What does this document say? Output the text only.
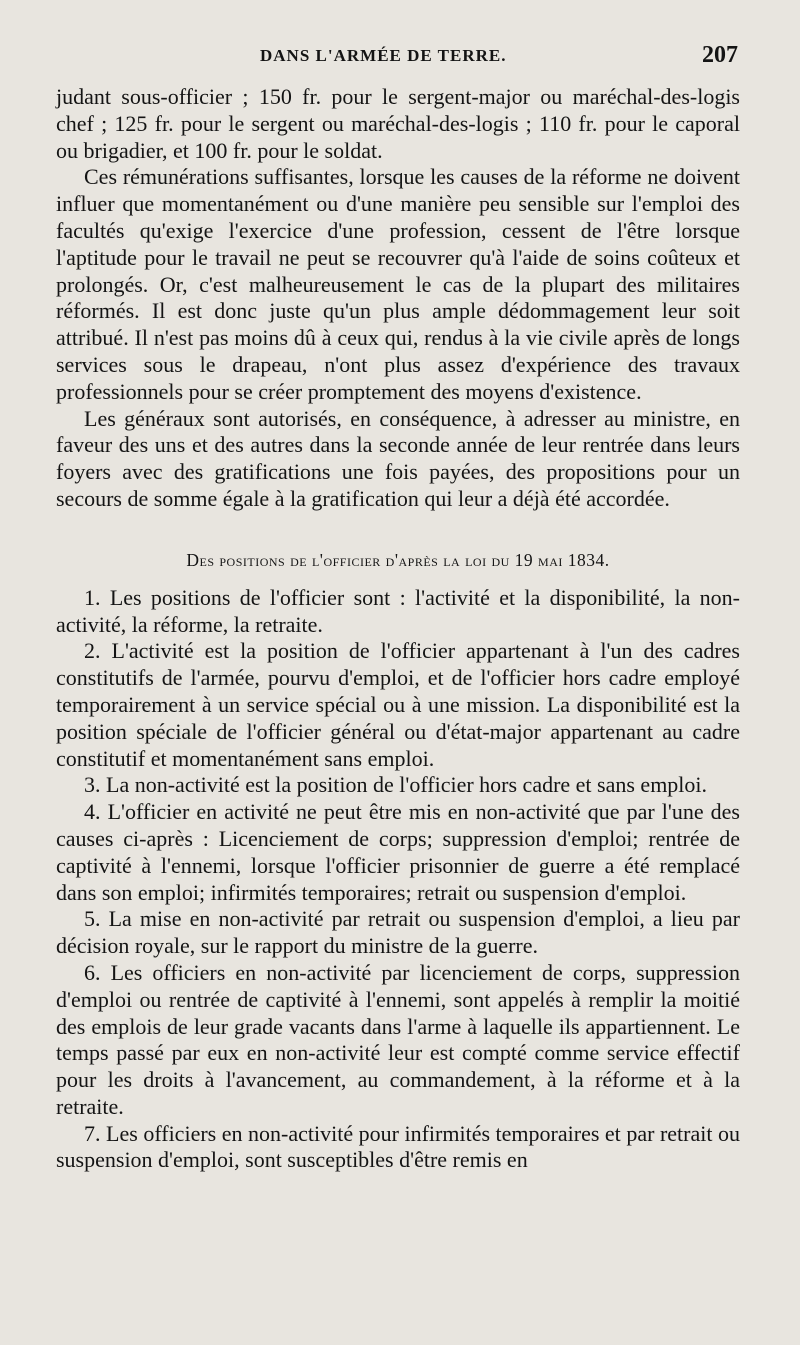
DANS L'ARMÉE DE TERRE.	207

judant sous-officier ; 150 fr. pour le sergent-major ou maréchal-des-logis chef ; 125 fr. pour le sergent ou maréchal-des-logis ; 110 fr. pour le caporal ou brigadier, et 100 fr. pour le soldat.

Ces rémunérations suffisantes, lorsque les causes de la réforme ne doivent influer que momentanément ou d'une manière peu sensible sur l'emploi des facultés qu'exige l'exercice d'une profession, cessent de l'être lorsque l'aptitude pour le travail ne peut se recouvrer qu'à l'aide de soins coûteux et prolongés. Or, c'est malheureusement le cas de la plupart des militaires réformés. Il est donc juste qu'un plus ample dédommagement leur soit attribué. Il n'est pas moins dû à ceux qui, rendus à la vie civile après de longs services sous le drapeau, n'ont plus assez d'expérience des travaux professionnels pour se créer promptement des moyens d'existence.

Les généraux sont autorisés, en conséquence, à adresser au ministre, en faveur des uns et des autres dans la seconde année de leur rentrée dans leurs foyers avec des gratifications une fois payées, des propositions pour un secours de somme égale à la gratification qui leur a déjà été accordée.

Des positions de l'officier d'après la loi du 19 mai 1834.

1. Les positions de l'officier sont : l'activité et la disponibilité, la non-activité, la réforme, la retraite.

2. L'activité est la position de l'officier appartenant à l'un des cadres constitutifs de l'armée, pourvu d'emploi, et de l'officier hors cadre employé temporairement à un service spécial ou à une mission. La disponibilité est la position spéciale de l'officier général ou d'état-major appartenant au cadre constitutif et momentanément sans emploi.

3. La non-activité est la position de l'officier hors cadre et sans emploi.

4. L'officier en activité ne peut être mis en non-activité que par l'une des causes ci-après : Licenciement de corps; suppression d'emploi; rentrée de captivité à l'ennemi, lorsque l'officier prisonnier de guerre a été remplacé dans son emploi; infirmités temporaires; retrait ou suspension d'emploi.

5. La mise en non-activité par retrait ou suspension d'emploi, a lieu par décision royale, sur le rapport du ministre de la guerre.

6. Les officiers en non-activité par licenciement de corps, suppression d'emploi ou rentrée de captivité à l'ennemi, sont appelés à remplir la moitié des emplois de leur grade vacants dans l'arme à laquelle ils appartiennent. Le temps passé par eux en non-activité leur est compté comme service effectif pour les droits à l'avancement, au commandement, à la réforme et à la retraite.

7. Les officiers en non-activité pour infirmités temporaires et par retrait ou suspension d'emploi, sont susceptibles d'être remis en
